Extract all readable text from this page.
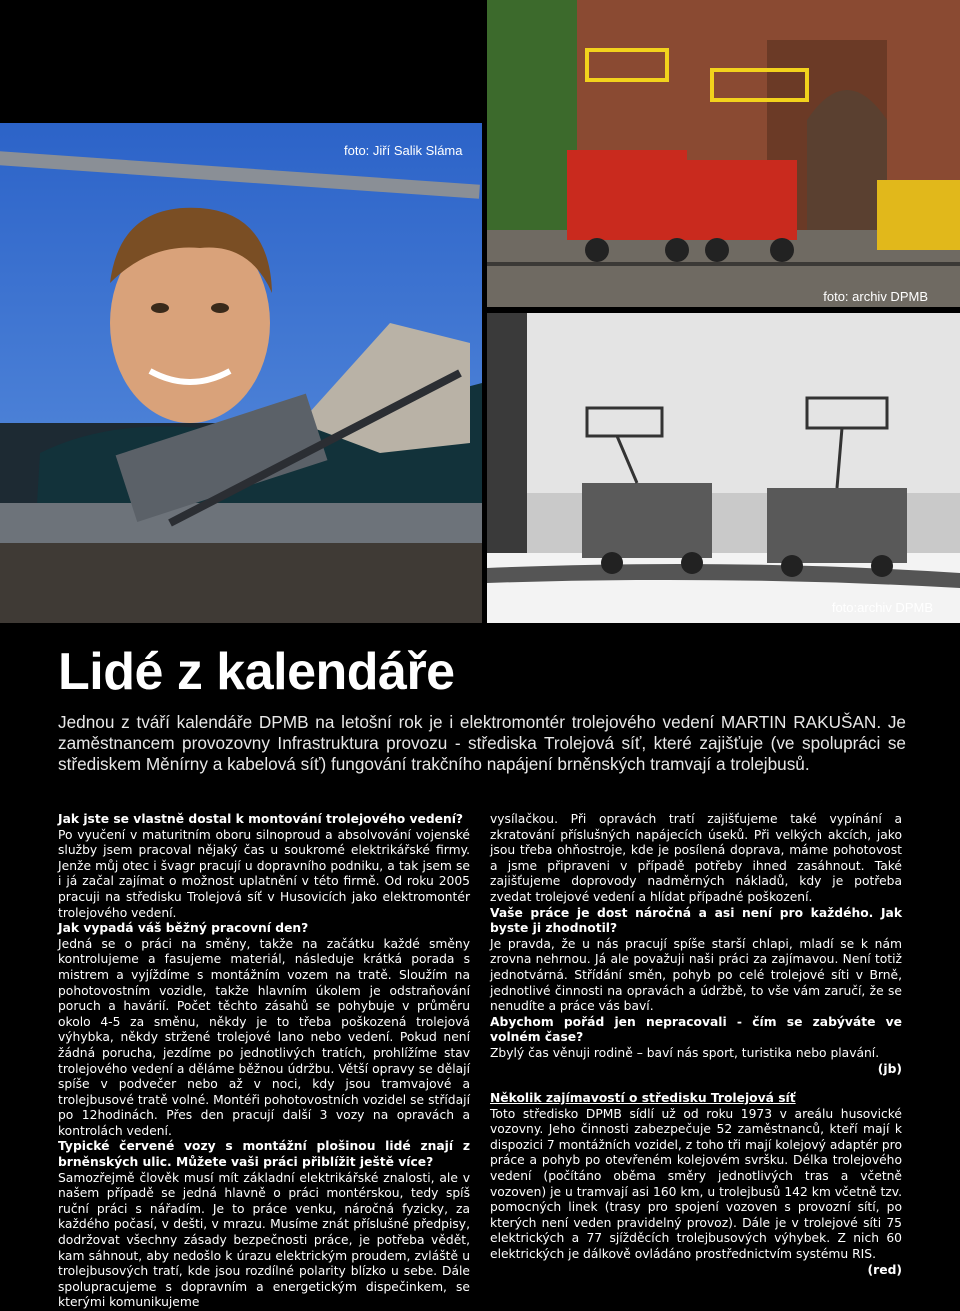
foto: Jiří Salik Sláma
foto: archiv DPMB
foto:archiv DPMB
Lidé z kalendáře

Jednou z tváří kalendáře DPMB na letošní rok je i elektromontér trolejového vedení MARTIN RAKUŠAN. Je zaměstnancem provozovny Infrastruktura provozu - střediska Trolejová síť, které zajišťuje (ve spolupráci se střediskem Měnírny a kabelová síť) fungování trakčního napájení brněnských tramvají a trolejbusů.

Jak jste se vlastně dostal k montování trolejového vedení?

Po vyučení v maturitním oboru silnoproud a absolvování vojenské služby jsem pracoval nějaký čas u soukromé elektrikářské firmy. Jenže můj otec i švagr pracují u dopravního podniku, a tak jsem se i já začal zajímat o možnost uplatnění v této firmě. Od roku 2005 pracuji na středisku Trolejová síť v Husovicích jako elektromontér trolejového vedení.

Jak vypadá váš běžný pracovní den?

Jedná se o práci na směny, takže na začátku každé směny kontrolujeme a fasujeme materiál, následuje krátká porada s mistrem a vyjíždíme s montážním vozem na tratě. Sloužím na pohotovostním vozidle, takže hlavním úkolem je odstraňování poruch a havárií. Počet těchto zásahů se pohybuje v průměru okolo 4-5 za směnu, někdy je to třeba poškozená trolejová výhybka, někdy stržené trolejové lano nebo vedení. Pokud není žádná porucha, jezdíme po jednotlivých tratích, prohlížíme stav trolejového vedení a děláme běžnou údržbu. Větší opravy se dělají spíše v podvečer nebo až v noci, kdy jsou tramvajové a trolejbusové tratě volné. Montéři pohotovostních vozidel se střídají po 12hodinách. Přes den pracují další 3 vozy na opravách a kontrolách vedení.

Typické červené vozy s montážní plošinou lidé znají z brněnských ulic. Můžete vaši práci přiblížit ještě více?

Samozřejmě člověk musí mít základní elektrikářské znalosti, ale v našem případě se jedná hlavně o práci montérskou, tedy spíš ruční práci s nářadím. Je to práce venku, náročná fyzicky, za každého počasí, v dešti, v mrazu. Musíme znát příslušné předpisy, dodržovat všechny zásady bezpečnosti práce, je potřeba vědět, kam sáhnout, aby nedošlo k úrazu elektrickým proudem, zvláště u trolejbusových tratí, kde jsou rozdílné polarity blízko u sebe. Dále spolupracujeme s dopravním a energetickým dispečinkem, se kterými komunikujeme

vysílačkou. Při opravách tratí zajišťujeme také vypínání a zkratování příslušných napájecích úseků. Při velkých akcích, jako jsou třeba ohňostroje, kde je posílená doprava, máme pohotovost a jsme připraveni v případě potřeby ihned zasáhnout. Také zajišťujeme doprovody nadměrných nákladů, kdy je potřeba zvedat trolejové vedení a hlídat případné poškození.

Vaše práce je dost náročná a asi není pro každého. Jak byste ji zhodnotil?

Je pravda, že u nás pracují spíše starší chlapi, mladí se k nám zrovna nehrnou. Já ale považuji naši práci za zajímavou. Není totiž jednotvárná. Střídání směn, pohyb po celé trolejové síti v Brně, jednotlivé činnosti na opravách a údržbě, to vše vám zaručí, že se nenudíte a práce vás baví.

Abychom pořád jen nepracovali - čím se zabýváte ve volném čase?

Zbylý čas věnuji rodině – baví nás sport, turistika nebo plavání.

(jb)

Několik zajímavostí o středisku Trolejová síť

Toto středisko DPMB sídlí už od roku 1973 v areálu husovické vozovny. Jeho činnosti zabezpečuje 52 zaměstnanců, kteří mají k dispozici 7 montážních vozidel, z toho tři mají kolejový adaptér pro práce a pohyb po otevřeném kolejovém svršku. Délka trolejového vedení (počítáno oběma směry jednotlivých tras a včetně vozoven) je u tramvají asi 160 km, u trolejbusů 142 km včetně tzv. pomocných linek (trasy pro spojení vozoven s provozní sítí, po kterých není veden pravidelný provoz). Dále je v trolejové síti 75 elektrických a 77 sjížděcích trolejbusových výhybek. Z nich 60 elektrických je dálkově ovládáno prostřednictvím systému RIS.

(red)
